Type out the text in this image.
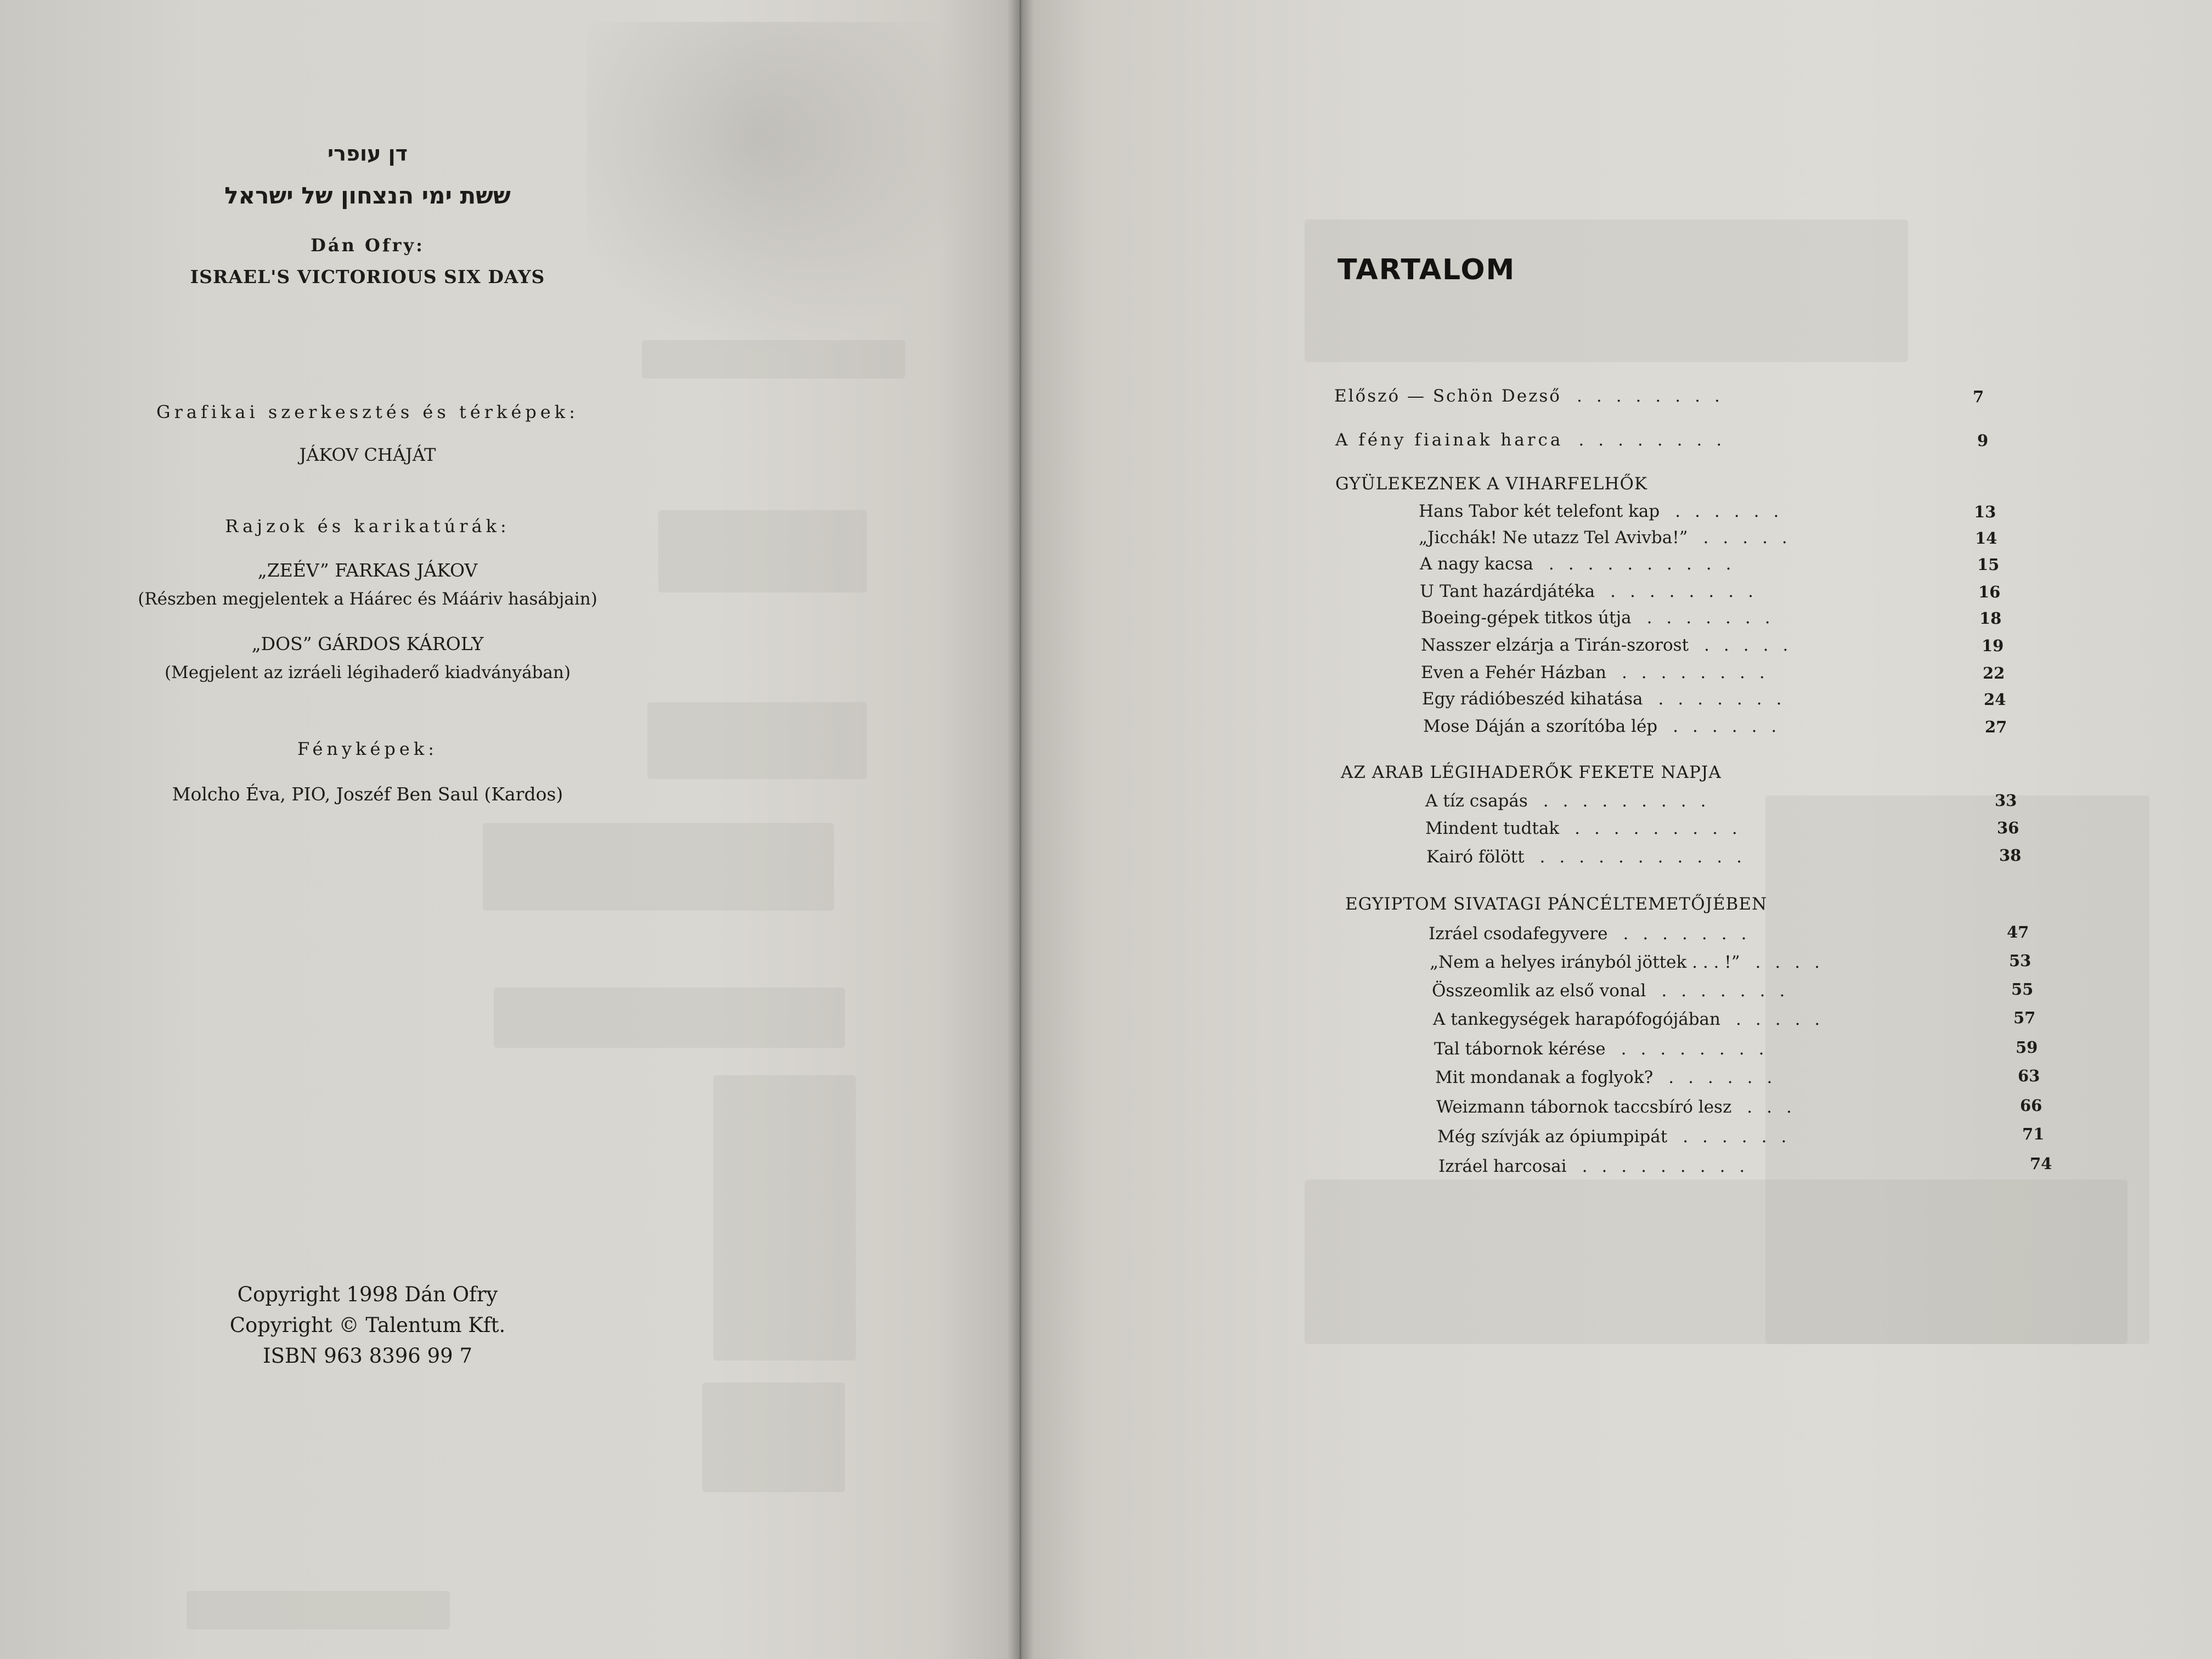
דן עופרי
ששת ימי הנצחון של ישראל
Dán Ofry:
ISRAEL'S VICTORIOUS SIX DAYS
Grafikai szerkesztés és térképek:
JÁKOV CHÁJÁT
Rajzok és karikatúrák:
„ZEÉV” FARKAS JÁKOV
(Részben megjelentek a Háárec és Mááriv hasábjain)
„DOS” GÁRDOS KÁROLY
(Megjelent az izráeli légihaderő kiadványában)
Fényképek:
Molcho Éva, PIO, Joszéf Ben Saul (Kardos)
Copyright 1998 Dán Ofry
Copyright © Talentum Kft.
ISBN 963 8396 99 7
TARTALOM
Előszó — Schön Dezső ........	7
A fény fiainak harca ........	9
GYÜLEKEZNEK A VIHARFELHŐK
Hans Tabor két telefont kap ......	13
„Jicchák! Ne utazz Tel Avivba!” .....	14
A nagy kacsa ..........	15
U Tant hazárdjátéka ........	16
Boeing-gépek titkos útja .......	18
Nasszer elzárja a Tirán-szorost .....	19
Even a Fehér Házban ........	22
Egy rádióbeszéd kihatása .......	24
Mose Dáján a szorítóba lép ......	27
AZ ARAB LÉGIHADERŐK FEKETE NAPJA
A tíz csapás .........	33
Mindent tudtak .........	36
Kairó fölött ...........	38
EGYIPTOM SIVATAGI PÁNCÉLTEMETŐJÉBEN
Izráel csodafegyvere .......	47
„Nem a helyes irányból jöttek . . . !” ....	53
Összeomlik az első vonal .......	55
A tankegységek harapófogójában .....	57
Tal tábornok kérése ........	59
Mit mondanak a foglyok? ......	63
Weizmann tábornok taccsbíró lesz ...	66
Még szívják az ópiumpipát ......	71
Izráel harcosai .........	74
